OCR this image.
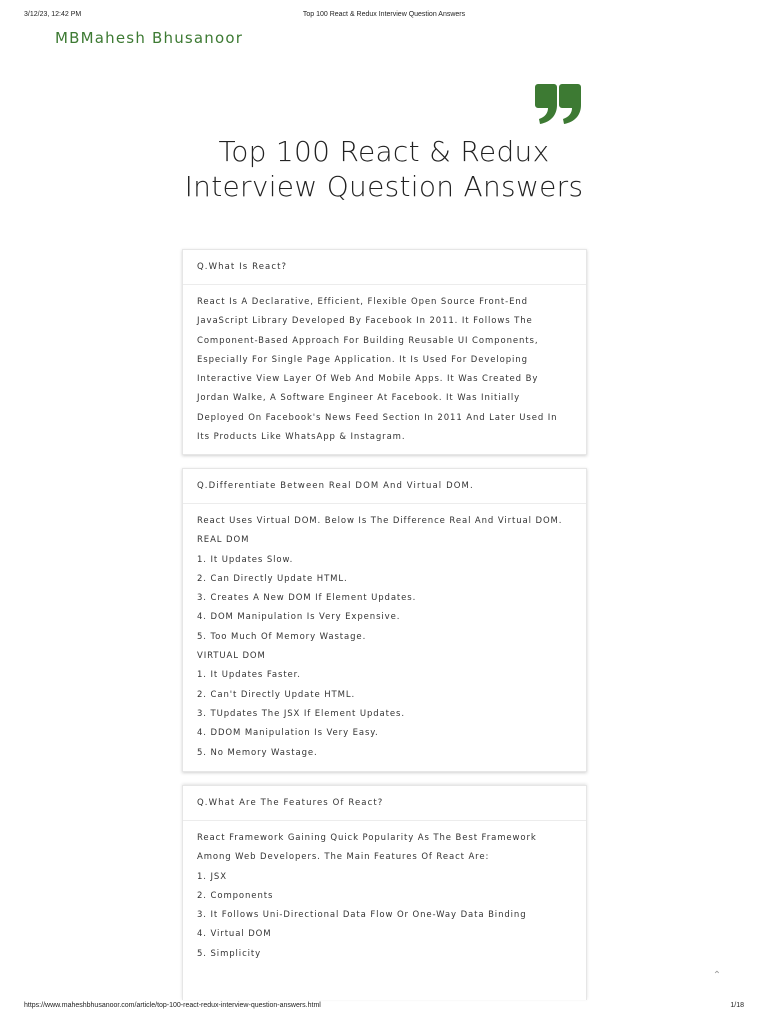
3/12/23, 12:42 PM	Top 100 React & Redux Interview Question Answers
MBMahesh Bhusanoor
Top 100 React & Redux
Interview Question Answers
Q.What Is React?
React Is A Declarative, Efficient, Flexible Open Source Front-End
JavaScript Library Developed By Facebook In 2011. It Follows The
Component-Based Approach For Building Reusable UI Components,
Especially For Single Page Application. It Is Used For Developing
Interactive View Layer Of Web And Mobile Apps. It Was Created By
Jordan Walke, A Software Engineer At Facebook. It Was Initially
Deployed On Facebook's News Feed Section In 2011 And Later Used In
Its Products Like WhatsApp & Instagram.
Q.Differentiate Between Real DOM And Virtual DOM.
React Uses Virtual DOM. Below Is The Difference Real And Virtual DOM.
REAL DOM
1. It Updates Slow.
2. Can Directly Update HTML.
3. Creates A New DOM If Element Updates.
4. DOM Manipulation Is Very Expensive.
5. Too Much Of Memory Wastage.
VIRTUAL DOM
1. It Updates Faster.
2. Can't Directly Update HTML.
3. TUpdates The JSX If Element Updates.
4. DDOM Manipulation Is Very Easy.
5. No Memory Wastage.
Q.What Are The Features Of React?
React Framework Gaining Quick Popularity As The Best Framework
Among Web Developers. The Main Features Of React Are:
1. JSX
2. Components
3. It Follows Uni-Directional Data Flow Or One-Way Data Binding
4. Virtual DOM
5. Simplicity
⌃
https://www.maheshbhusanoor.com/article/top-100-react-redux-interview-question-answers.html	1/18
